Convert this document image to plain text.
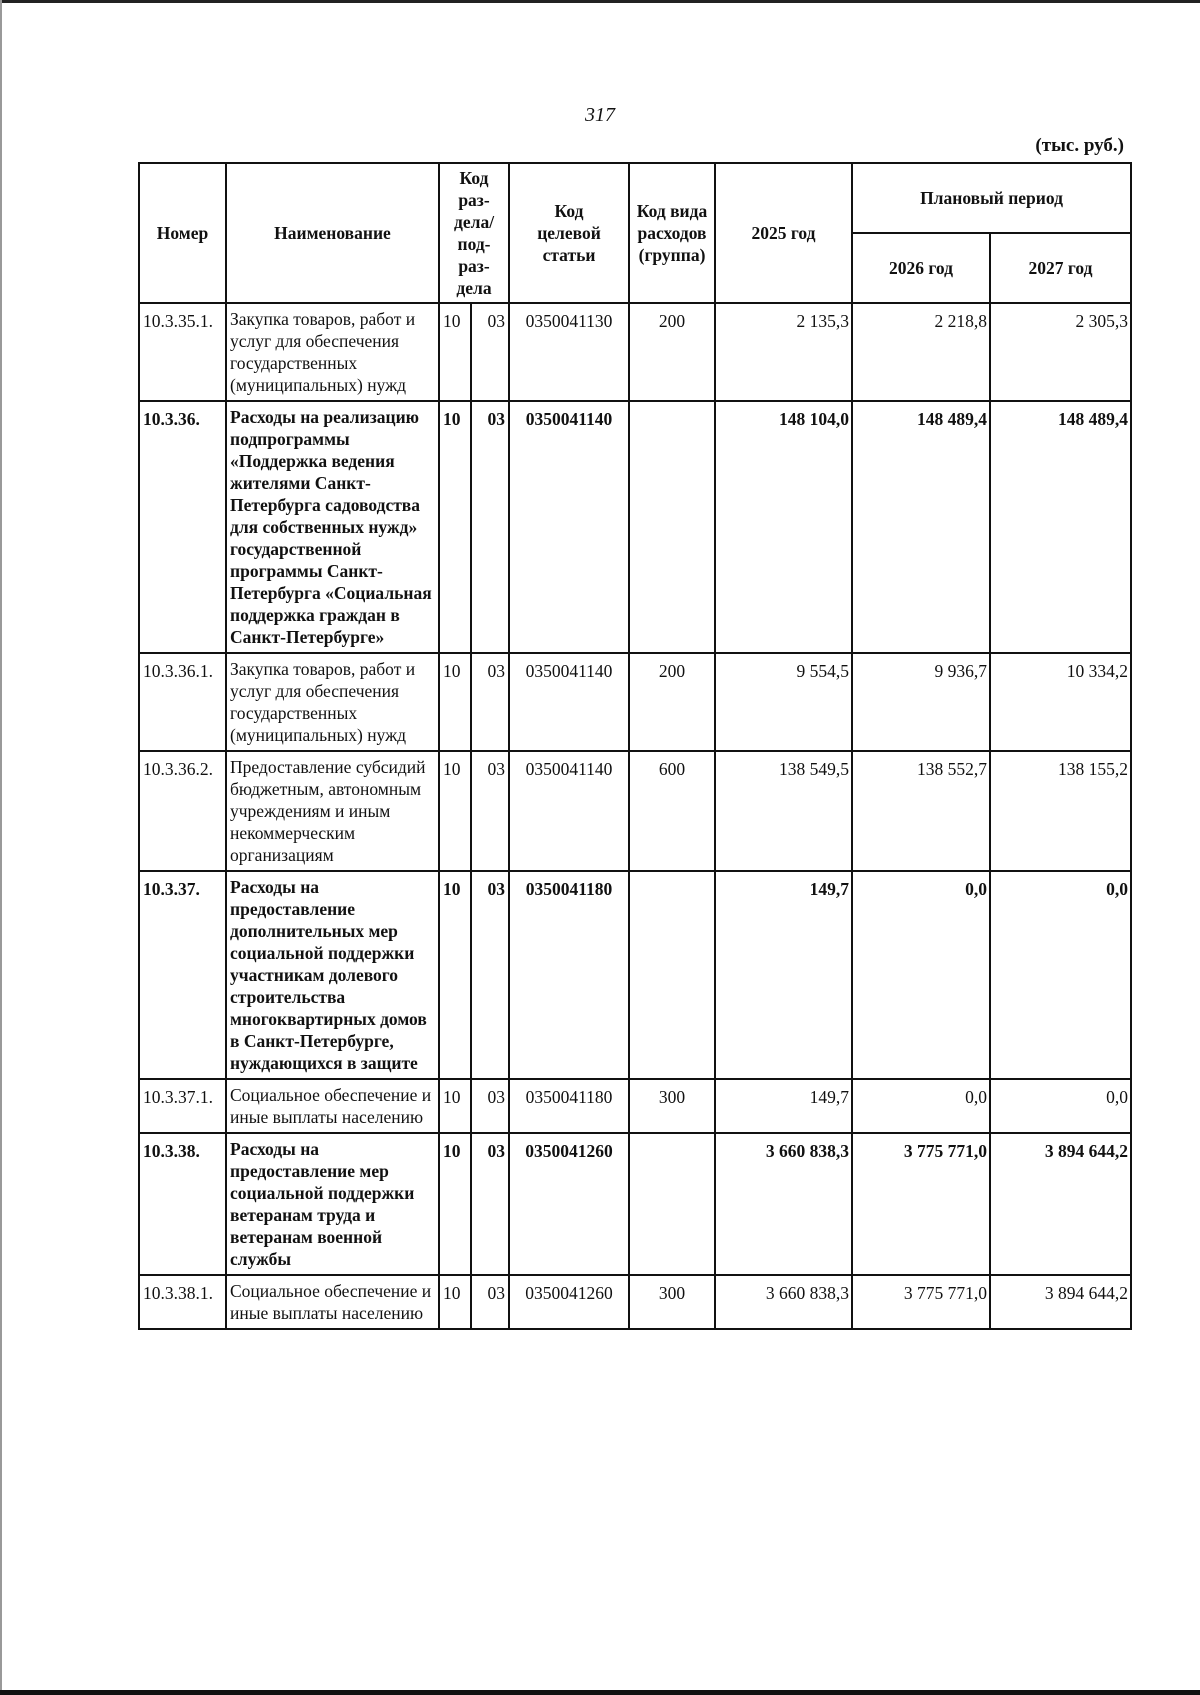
317
(тыс. руб.)
Номер	Наименование	Код раз- дела/ под- раз- дела		Код целевой статьи	Код вида расходов (группа)	2025 год	Плановый период	
							2026 год	2027 год
10.3.35.1.	Закупка товаров, работ и услуг для обеспечения государственных (муниципальных) нужд	10	03	0350041130	200	2 135,3	2 218,8	2 305,3
10.3.36.	Расходы на реализацию подпрограммы «Поддержка ведения жителями Санкт-Петербурга садоводства для собственных нужд» государственной программы Санкт-Петербурга «Социальная поддержка граждан в Санкт-Петербурге»	10	03	0350041140		148 104,0	148 489,4	148 489,4
10.3.36.1.	Закупка товаров, работ и услуг для обеспечения государственных (муниципальных) нужд	10	03	0350041140	200	9 554,5	9 936,7	10 334,2
10.3.36.2.	Предоставление субсидий бюджетным, автономным учреждениям и иным некоммерческим организациям	10	03	0350041140	600	138 549,5	138 552,7	138 155,2
10.3.37.	Расходы на предоставление дополнительных мер социальной поддержки участникам долевого строительства многоквартирных домов в Санкт-Петербурге, нуждающихся в защите	10	03	0350041180		149,7	0,0	0,0
10.3.37.1.	Социальное обеспечение и иные выплаты населению	10	03	0350041180	300	149,7	0,0	0,0
10.3.38.	Расходы на предоставление мер социальной поддержки ветеранам труда и ветеранам военной службы	10	03	0350041260		3 660 838,3	3 775 771,0	3 894 644,2
10.3.38.1.	Социальное обеспечение и иные выплаты населению	10	03	0350041260	300	3 660 838,3	3 775 771,0	3 894 644,2
